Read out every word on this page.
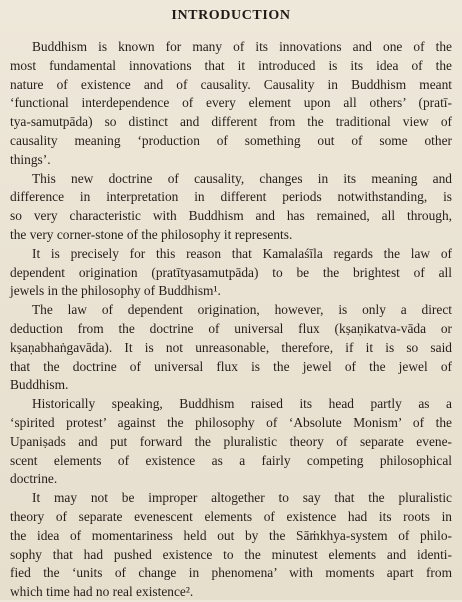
INTRODUCTION
Buddhism is known for many of its innovations and one of the
most fundamental innovations that it introduced is its idea of the
nature of existence and of causality. Causality in Buddhism meant
‘functional interdependence of every element upon all others’ (pratī-
tya-samutpāda) so distinct and different from the traditional view of
causality meaning ‘production of something out of some other
things’.
This new doctrine of causality, changes in its meaning and
difference in interpretation in different periods notwithstanding, is
so very characteristic with Buddhism and has remained, all through,
the very corner-stone of the philosophy it represents.
It is precisely for this reason that Kamalaśīla regards the law of
dependent origination (pratītyasamutpāda) to be the brightest of all
jewels in the philosophy of Buddhism¹.
The law of dependent origination, however, is only a direct
deduction from the doctrine of universal flux (kṣaṇikatva-vāda or
kṣaṇabhaṅgavāda). It is not unreasonable, therefore, if it is so said
that the doctrine of universal flux is the jewel of the jewel of
Buddhism.
Historically speaking, Buddhism raised its head partly as a
‘spirited protest’ against the philosophy of ‘Absolute Monism’ of the
Upaniṣads and put forward the pluralistic theory of separate evene-
scent elements of existence as a fairly competing philosophical
doctrine.
It may not be improper altogether to say that the pluralistic
theory of separate evenescent elements of existence had its roots in
the idea of momentariness held out by the Sāṁkhya-system of philo-
sophy that had pushed existence to the minutest elements and identi-
fied the ‘units of change in phenomena’ with moments apart from
which time had no real existence².
